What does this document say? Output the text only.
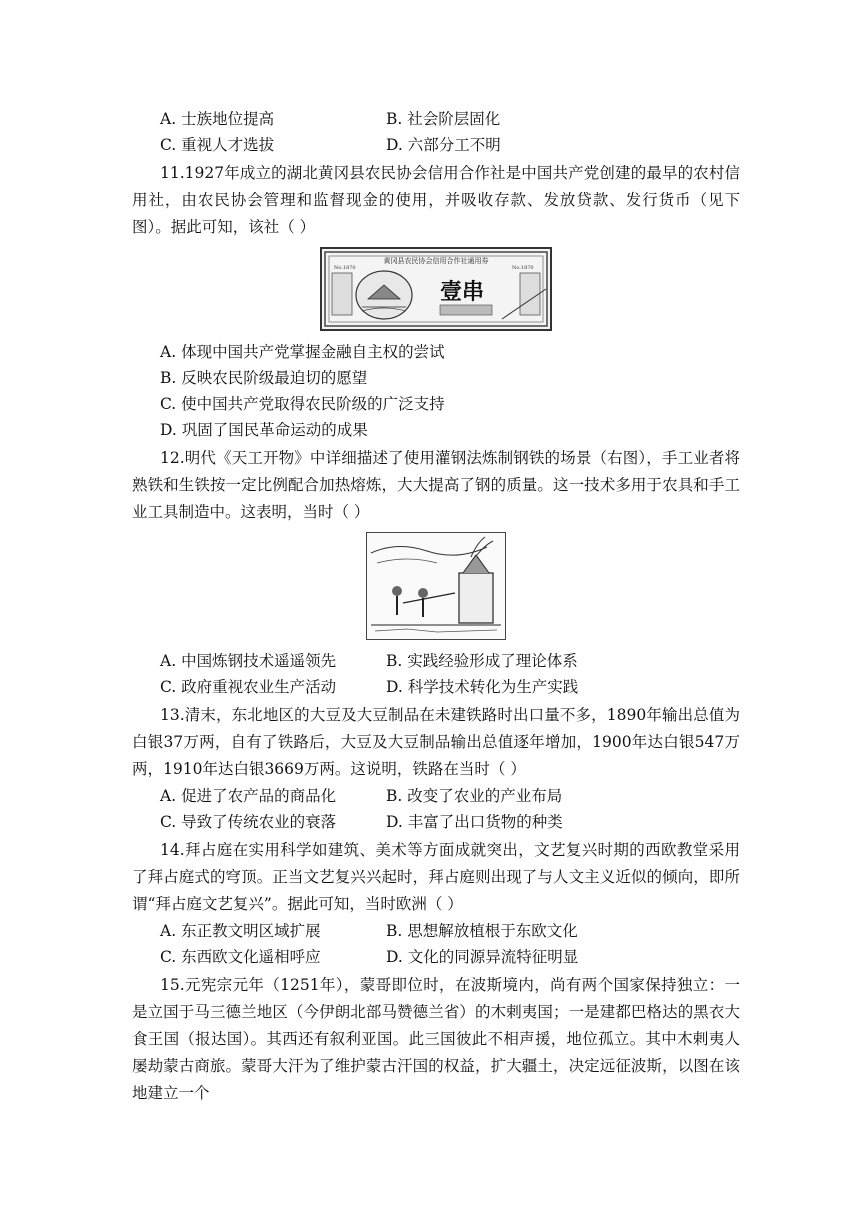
A. 士族地位提高	B. 社会阶层固化
C. 重视人才选拔	D. 六部分工不明

11.1927年成立的湖北黄冈县农民协会信用合作社是中国共产党创建的最早的农村信用社，由农民协会管理和监督现金的使用，并吸收存款、发放贷款、发行货币（见下图）。据此可知，该社（ ）

黄冈县农民协会信用合作社通用券
No.1870	No.1870
壹串
A. 体现中国共产党掌握金融自主权的尝试
B. 反映农民阶级最迫切的愿望
C. 使中国共产党取得农民阶级的广泛支持
D. 巩固了国民革命运动的成果

12.明代《天工开物》中详细描述了使用灌钢法炼制钢铁的场景（右图），手工业者将熟铁和生铁按一定比例配合加热熔炼，大大提高了钢的质量。这一技术多用于农具和手工业工具制造中。这表明，当时（ ）

A. 中国炼钢技术遥遥领先	B. 实践经验形成了理论体系
C. 政府重视农业生产活动	D. 科学技术转化为生产实践

13.清末，东北地区的大豆及大豆制品在未建铁路时出口量不多，1890年输出总值为白银37万两，自有了铁路后，大豆及大豆制品输出总值逐年增加，1900年达白银547万两，1910年达白银3669万两。这说明，铁路在当时（ ）

A. 促进了农产品的商品化	B. 改变了农业的产业布局
C. 导致了传统农业的衰落	D. 丰富了出口货物的种类

14.拜占庭在实用科学如建筑、美术等方面成就突出，文艺复兴时期的西欧教堂采用了拜占庭式的穹顶。正当文艺复兴兴起时，拜占庭则出现了与人文主义近似的倾向，即所谓“拜占庭文艺复兴”。据此可知，当时欧洲（ ）

A. 东正教文明区域扩展	B. 思想解放植根于东欧文化
C. 东西欧文化遥相呼应	D. 文化的同源异流特征明显

15.元宪宗元年（1251年），蒙哥即位时，在波斯境内，尚有两个国家保持独立：一是立国于马三德兰地区（今伊朗北部马赞德兰省）的木剌夷国；一是建都巴格达的黑衣大食王国（报达国）。其西还有叙利亚国。此三国彼此不相声援，地位孤立。其中木剌夷人屡劫蒙古商旅。蒙哥大汗为了维护蒙古汗国的权益，扩大疆土，决定远征波斯，以图在该地建立一个
